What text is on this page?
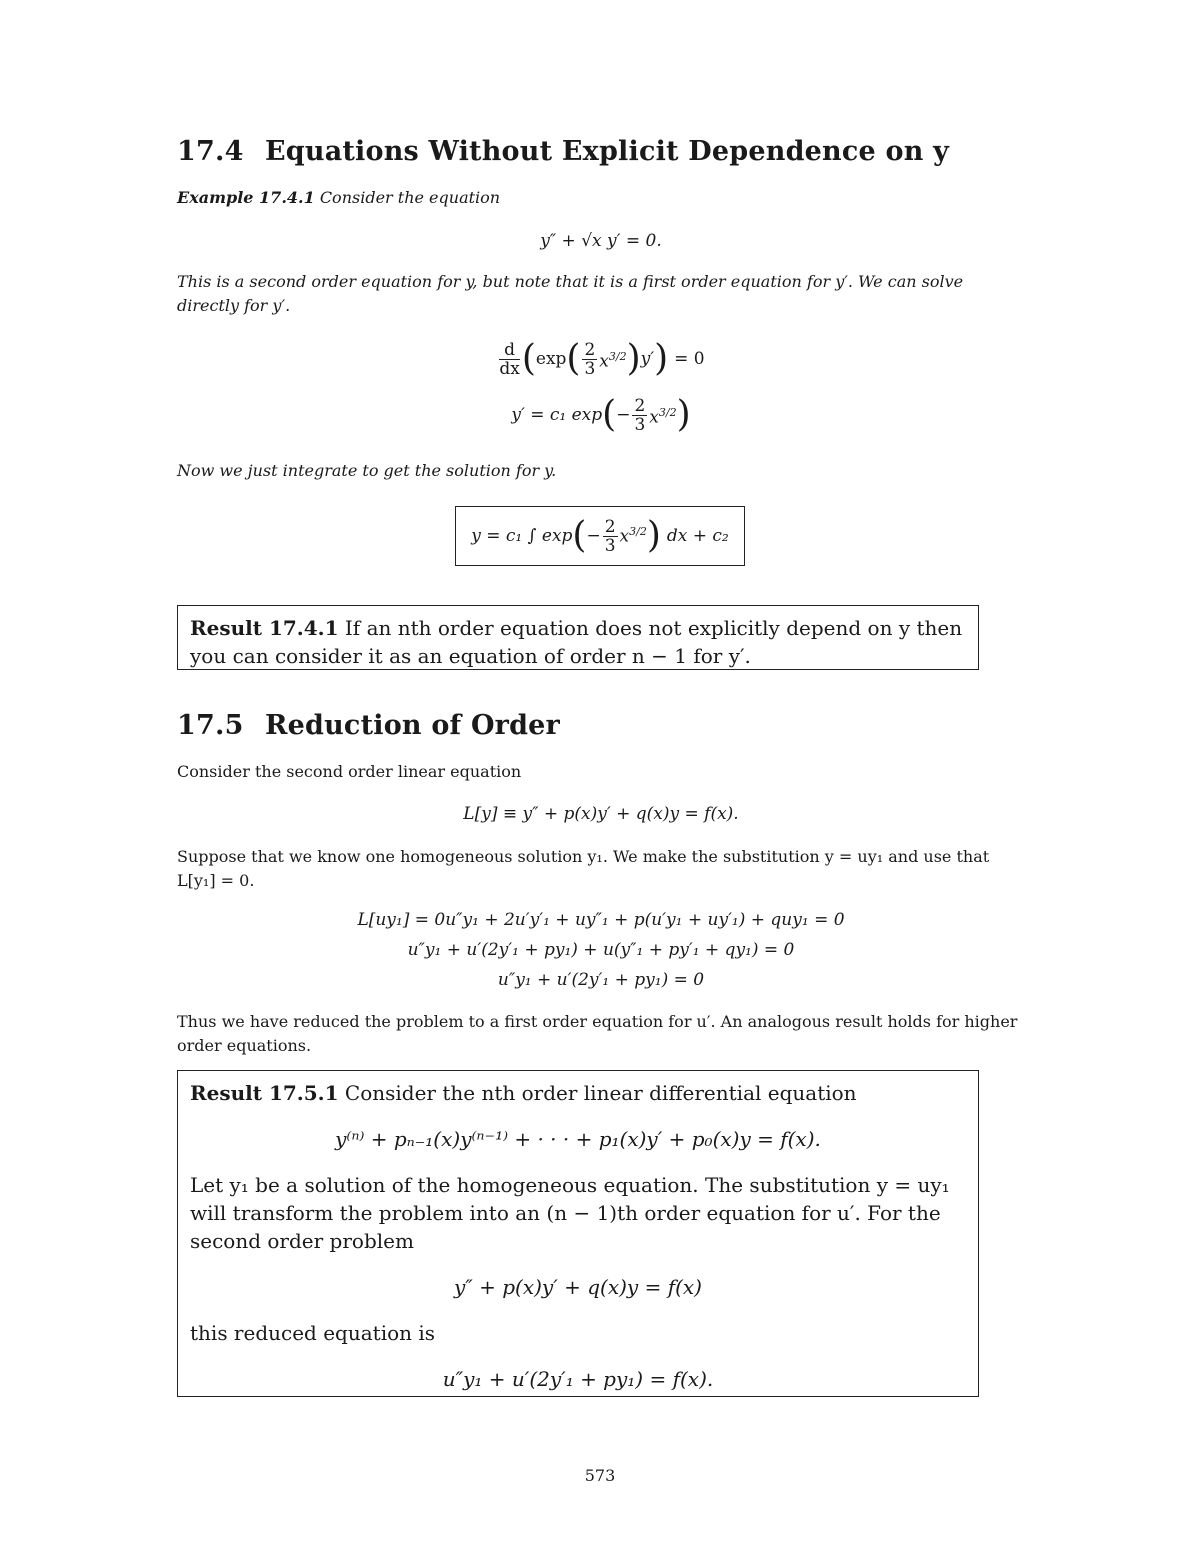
17.4 Equations Without Explicit Dependence on y
Example 17.4.1 Consider the equation
y″ + √x y′ = 0.
This is a second order equation for y, but note that it is a first order equation for y′. We can solve directly for y′.
$\frac{d}{dx}$ ( exp ( $\frac{2}{3} x^{3/2}$ ) y′ ) = 0
y′ = c₁ exp ( − $\frac{2}{3} x^{3/2}$ )
Now we just integrate to get the solution for y.
y = c₁ ∫ exp ( − $\frac{2}{3} x^{3/2}$ ) dx + c₂
Result 17.4.1 If an nth order equation does not explicitly depend on y then you can consider it as an equation of order n − 1 for y′.
17.5 Reduction of Order
Consider the second order linear equation
L[y] ≡ y″ + p(x)y′ + q(x)y = f(x).
Suppose that we know one homogeneous solution y₁. We make the substitution y = uy₁ and use that L[y₁] = 0.
L[uy₁] = 0u″y₁ + 2u′y′₁ + uy″₁ + p(u′y₁ + uy′₁) + quy₁ = 0
u″y₁ + u′(2y′₁ + py₁) + u(y″₁ + py′₁ + qy₁) = 0
u″y₁ + u′(2y′₁ + py₁) = 0
Thus we have reduced the problem to a first order equation for u′. An analogous result holds for higher order equations.
Result 17.5.1 Consider the nth order linear differential equation
y⁽ⁿ⁾ + pₙ₋₁(x)y⁽ⁿ⁻¹⁾ + · · · + p₁(x)y′ + p₀(x)y = f(x).
Let y₁ be a solution of the homogeneous equation. The substitution y = uy₁ will transform the problem into an (n − 1)th order equation for u′. For the second order problem
y″ + p(x)y′ + q(x)y = f(x)
this reduced equation is
u″y₁ + u′(2y′₁ + py₁) = f(x).
573
